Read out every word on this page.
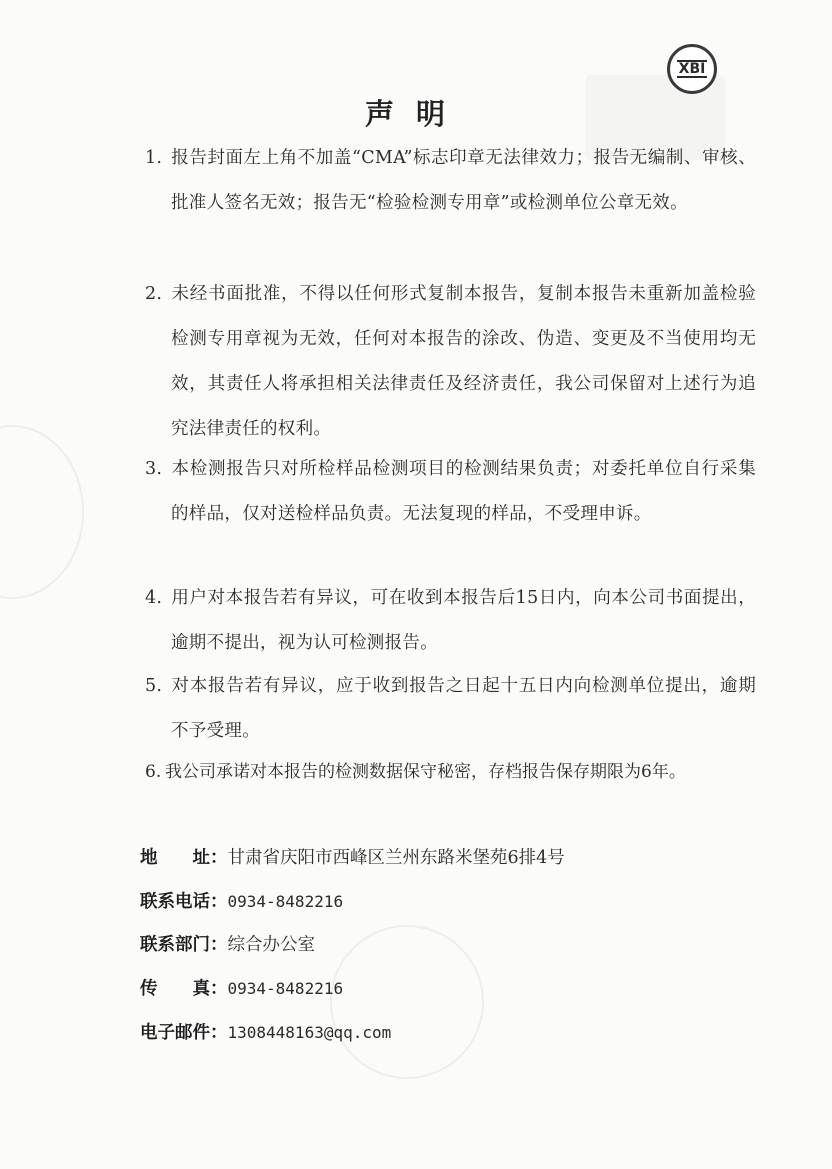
XBI
声明
1. 报告封面左上角不加盖“CMA”标志印章无法律效力；报告无编制、审核、批准人签名无效；报告无“检验检测专用章”或检测单位公章无效。
2. 未经书面批准，不得以任何形式复制本报告，复制本报告未重新加盖检验检测专用章视为无效，任何对本报告的涂改、伪造、变更及不当使用均无效，其责任人将承担相关法律责任及经济责任，我公司保留对上述行为追究法律责任的权利。
3. 本检测报告只对所检样品检测项目的检测结果负责；对委托单位自行采集的样品，仅对送检样品负责。无法复现的样品，不受理申诉。
4. 用户对本报告若有异议，可在收到本报告后15日内，向本公司书面提出，逾期不提出，视为认可检测报告。
5. 对本报告若有异议，应于收到报告之日起十五日内向检测单位提出，逾期不予受理。
6. 我公司承诺对本报告的检测数据保守秘密，存档报告保存期限为6年。
地　　址：甘肃省庆阳市西峰区兰州东路米堡苑6排4号
联系电话：0934-8482216
联系部门：综合办公室
传　　真：0934-8482216
电子邮件：1308448163@qq.com
